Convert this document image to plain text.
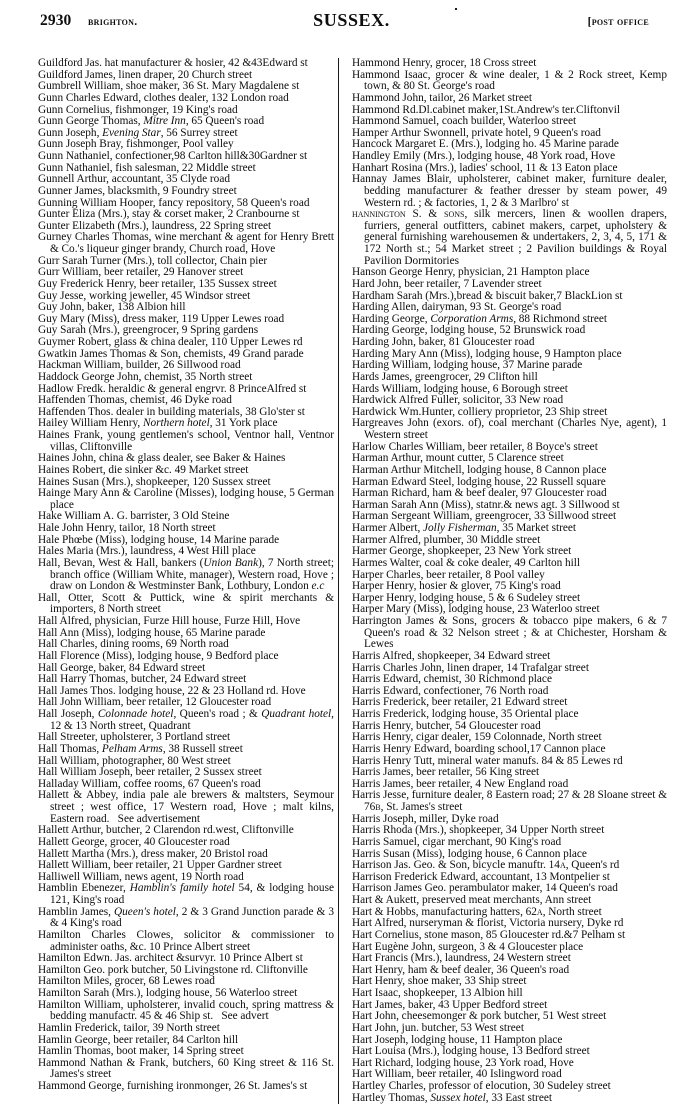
2930 brighton.	SUSSEX.	[post office
Guildford Jas. hat manufacturer & hosier, 42 &43Edward st
Guildford James, linen draper, 20 Church street
Gumbrell William, shoe maker, 36 St. Mary Magdalene st
Gunn Charles Edward, clothes dealer, 132 London road
Gunn Cornelius, fishmonger, 19 King's road
Gunn George Thomas, Mitre Inn, 65 Queen's road
Gunn Joseph, Evening Star, 56 Surrey street
Gunn Joseph Bray, fishmonger, Pool valley
Gunn Nathaniel, confectioner,98 Carlton hill&30Gardner st
Gunn Nathaniel, fish salesman, 22 Middle street
Gunnell Arthur, accountant, 35 Clyde road
Gunner James, blacksmith, 9 Foundry street
Gunning William Hooper, fancy repository, 58 Queen's road
Gunter Eliza (Mrs.), stay & corset maker, 2 Cranbourne st
Gunter Elizabeth (Mrs.), laundress, 22 Spring street
Gurney Charles Thomas, wine merchant & agent for Henry Brett & Co.'s liqueur ginger brandy, Church road, Hove
Gurr Sarah Turner (Mrs.), toll collector, Chain pier
Gurr William, beer retailer, 29 Hanover street
Guy Frederick Henry, beer retailer, 135 Sussex street
Guy Jesse, working jeweller, 45 Windsor street
Guy John, baker, 138 Albion hill
Guy Mary (Miss), dress maker, 119 Upper Lewes road
Guy Sarah (Mrs.), greengrocer, 9 Spring gardens
Guymer Robert, glass & china dealer, 110 Upper Lewes rd
Gwatkin James Thomas & Son, chemists, 49 Grand parade
Hackman William, builder, 26 Sillwood road
Haddock George John, chemist, 35 North street
Hadlow Fredk. heraldic & general engrvr. 8 PrinceAlfred st
Haffenden Thomas, chemist, 46 Dyke road
Haffenden Thos. dealer in building materials, 38 Glo'ster st
Hailey William Henry, Northern hotel, 31 York place
Haines Frank, young gentlemen's school, Ventnor hall, Ventnor villas, Cliftonville
Haines John, china & glass dealer, see Baker & Haines
Haines Robert, die sinker &c. 49 Market street
Haines Susan (Mrs.), shopkeeper, 120 Sussex street
Hainge Mary Ann & Caroline (Misses), lodging house, 5 German place
Hake William A. G. barrister, 3 Old Steine
Hale John Henry, tailor, 18 North street
Hale Phœbe (Miss), lodging house, 14 Marine parade
Hales Maria (Mrs.), laundress, 4 West Hill place
Hall, Bevan, West & Hall, bankers (Union Bank), 7 North street; branch office (William White, manager), Western road, Hove ; draw on London & Westminster Bank, Lothbury, London e.c
Hall, Otter, Scott & Puttick, wine & spirit merchants & importers, 8 North street
Hall Alfred, physician, Furze Hill house, Furze Hill, Hove
Hall Ann (Miss), lodging house, 65 Marine parade
Hall Charles, dining rooms, 69 North road
Hall Florence (Miss), lodging house, 9 Bedford place
Hall George, baker, 84 Edward street
Hall Harry Thomas, butcher, 24 Edward street
Hall James Thos. lodging house, 22 & 23 Holland rd. Hove
Hall John William, beer retailer, 12 Gloucester road
Hall Joseph, Colonnade hotel, Queen's road ; & Quadrant hotel, 12 & 13 North street, Quadrant
Hall Streeter, upholsterer, 3 Portland street
Hall Thomas, Pelham Arms, 38 Russell street
Hall William, photographer, 80 West street
Hall William Joseph, beer retailer, 2 Sussex street
Halladay William, coffee rooms, 67 Queen's road
Hallett & Abbey, india pale ale brewers & maltsters, Seymour street ; west office, 17 Western road, Hove ; malt kilns, Eastern road.   See advertisement
Hallett Arthur, butcher, 2 Clarendon rd.west, Cliftonville
Hallett George, grocer, 40 Gloucester road
Hallett Martha (Mrs.), dress maker, 20 Bristol road
Hallett William, beer retailer, 21 Upper Gardner street
Halliwell William, news agent, 19 North road
Hamblin Ebenezer, Hamblin's family hotel 54, & lodging house 121, King's road
Hamblin James, Queen's hotel, 2 & 3 Grand Junction parade & 3 & 4 King's road
Hamilton Charles Clowes, solicitor & commissioner to administer oaths, &c. 10 Prince Albert street
Hamilton Edwn. Jas. architect &survyr. 10 Prince Albert st
Hamilton Geo. pork butcher, 50 Livingstone rd. Cliftonville
Hamilton Miles, grocer, 68 Lewes road
Hamilton Sarah (Mrs.), lodging house, 56 Waterloo street
Hamilton William, upholsterer, invalid couch, spring mattress & bedding manufactr. 45 & 46 Ship st.   See advert
Hamlin Frederick, tailor, 39 North street
Hamlin George, beer retailer, 84 Carlton hill
Hamlin Thomas, boot maker, 14 Spring street
Hammond Nathan & Frank, butchers, 60 King street & 116 St. James's street
Hammond George, furnishing ironmonger, 26 St. James's st
Hammond Henry, grocer, 18 Cross street
Hammond Isaac, grocer & wine dealer, 1 & 2 Rock street, Kemp town, & 80 St. George's road
Hammond John, tailor, 26 Market street
Hammond Rd.Dl.cabinet maker,1St.Andrew's ter.Cliftonvil
Hammond Samuel, coach builder, Waterloo street
Hamper Arthur Swonnell, private hotel, 9 Queen's road
Hancock Margaret E. (Mrs.), lodging ho. 45 Marine parade
Handley Emily (Mrs.), lodging house, 48 York road, Hove
Hanhart Rosina (Mrs.), ladies' school, 11 & 13 Eaton place
Hannay James Blair, upholsterer, cabinet maker, furniture dealer, bedding manufacturer & feather dresser by steam power, 49 Western rd. ; & factories, 1, 2 & 3 Marlbro' st
hannington S. & sons, silk mercers, linen & woollen drapers, furriers, general outfitters, cabinet makers, carpet, upholstery & general furnishing warehousemen & undertakers, 2, 3, 4, 5, 171 & 172 North st.; 54 Market street ; 2 Pavilion buildings & Royal Pavilion Dormitories
Hanson George Henry, physician, 21 Hampton place
Hard John, beer retailer, 7 Lavender street
Hardham Sarah (Mrs.),bread & biscuit baker,7 BlackLion st
Harding Allen, dairyman, 93 St. George's road
Harding George, Corporation Arms, 88 Richmond street
Harding George, lodging house, 52 Brunswick road
Harding John, baker, 81 Gloucester road
Harding Mary Ann (Miss), lodging house, 9 Hampton place
Harding William, lodging house, 37 Marine parade
Hards James, greengrocer, 29 Clifton hill
Hards William, lodging house, 6 Borough street
Hardwick Alfred Fuller, solicitor, 33 New road
Hardwick Wm.Hunter, colliery proprietor, 23 Ship street
Hargreaves John (exors. of), coal merchant (Charles Nye, agent), 1 Western street
Harlow Charles William, beer retailer, 8 Boyce's street
Harman Arthur, mount cutter, 5 Clarence street
Harman Arthur Mitchell, lodging house, 8 Cannon place
Harman Edward Steel, lodging house, 22 Russell square
Harman Richard, ham & beef dealer, 97 Gloucester road
Harman Sarah Ann (Miss), statnr.& news agt. 3 Sillwood st
Harman Sergeant William, greengrocer, 33 Sillwood street
Harmer Albert, Jolly Fisherman, 35 Market street
Harmer Alfred, plumber, 30 Middle street
Harmer George, shopkeeper, 23 New York street
Harmes Walter, coal & coke dealer, 49 Carlton hill
Harper Charles, beer retailer, 8 Pool valley
Harper Henry, hosier & glover, 75 King's road
Harper Henry, lodging house, 5 & 6 Sudeley street
Harper Mary (Miss), lodging house, 23 Waterloo street
Harrington James & Sons, grocers & tobacco pipe makers, 6 & 7 Queen's road & 32 Nelson street ; & at Chichester, Horsham & Lewes
Harris Alfred, shopkeeper, 34 Edward street
Harris Charles John, linen draper, 14 Trafalgar street
Harris Edward, chemist, 30 Richmond place
Harris Edward, confectioner, 76 North road
Harris Frederick, beer retailer, 21 Edward street
Harris Frederick, lodging house, 35 Oriental place
Harris Henry, butcher, 54 Gloucester road
Harris Henry, cigar dealer, 159 Colonnade, North street
Harris Henry Edward, boarding school,17 Cannon place
Harris Henry Tutt, mineral water manufs. 84 & 85 Lewes rd
Harris James, beer retailer, 56 King street
Harris James, beer retailer, 4 New England road
Harris Jesse, furniture dealer, 8 Eastern road; 27 & 28 Sloane street & 76b, St. James's street
Harris Joseph, miller, Dyke road
Harris Rhoda (Mrs.), shopkeeper, 34 Upper North street
Harris Samuel, cigar merchant, 90 King's road
Harris Susan (Miss), lodging house, 6 Cannon place
Harrison Jas. Geo. & Son, bicycle manuftr. 14a, Queen's rd
Harrison Frederick Edward, accountant, 13 Montpelier st
Harrison James Geo. perambulator maker, 14 Queen's road
Hart & Aukett, preserved meat merchants, Ann street
Hart & Hobbs, manufacturing hatters, 62a, North street
Hart Alfred, nurseryman & florist, Victoria nursery, Dyke rd
Hart Cornelius, stone mason, 85 Gloucester rd.&7 Pelham st
Hart Eugène John, surgeon, 3 & 4 Gloucester place
Hart Francis (Mrs.), laundress, 24 Western street
Hart Henry, ham & beef dealer, 36 Queen's road
Hart Henry, shoe maker, 33 Ship street
Hart Isaac, shopkeeper, 13 Albion hill
Hart James, baker, 43 Upper Bedford street
Hart John, cheesemonger & pork butcher, 51 West street
Hart John, jun. butcher, 53 West street
Hart Joseph, lodging house, 11 Hampton place
Hart Louisa (Mrs.), lodging house, 13 Bedford street
Hart Richard, lodging house, 23 York road, Hove
Hart William, beer retailer, 40 Islingword road
Hartley Charles, professor of elocution, 30 Sudeley street
Hartley Thomas, Sussex hotel, 33 East street
